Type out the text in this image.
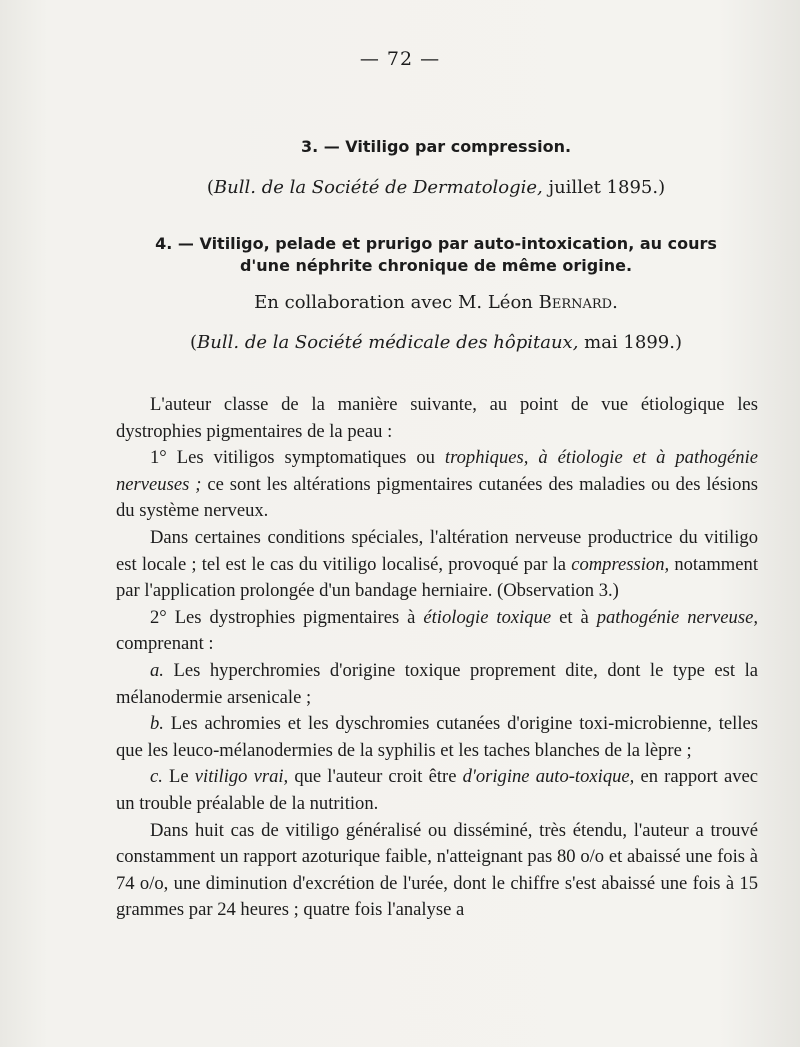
— 72 —
3. — Vitiligo par compression.
(Bull. de la Société de Dermatologie, juillet 1895.)
4. — Vitiligo, pelade et prurigo par auto-intoxication, au cours
d'une néphrite chronique de même origine.
En collaboration avec M. Léon Bernard.
(Bull. de la Société médicale des hôpitaux, mai 1899.)

L'auteur classe de la manière suivante, au point de vue étiologique les dystrophies pigmentaires de la peau :

1° Les vitiligos symptomatiques ou trophiques, à étiologie et à pathogénie nerveuses ; ce sont les altérations pigmentaires cutanées des maladies ou des lésions du système nerveux.

Dans certaines conditions spéciales, l'altération nerveuse productrice du vitiligo est locale ; tel est le cas du vitiligo localisé, provoqué par la compression, notamment par l'application prolongée d'un bandage herniaire. (Observation 3.)

2° Les dystrophies pigmentaires à étiologie toxique et à pathogénie nerveuse, comprenant :

a. Les hyperchromies d'origine toxique proprement dite, dont le type est la mélanodermie arsenicale ;

b. Les achromies et les dyschromies cutanées d'origine toxi-microbienne, telles que les leuco-mélanodermies de la syphilis et les taches blanches de la lèpre ;

c. Le vitiligo vrai, que l'auteur croit être d'origine auto-toxique, en rapport avec un trouble préalable de la nutrition.

Dans huit cas de vitiligo généralisé ou disséminé, très étendu, l'auteur a trouvé constamment un rapport azoturique faible, n'atteignant pas 80 o/o et abaissé une fois à 74 o/o, une diminution d'excrétion de l'urée, dont le chiffre s'est abaissé une fois à 15 grammes par 24 heures ; quatre fois l'analyse a
